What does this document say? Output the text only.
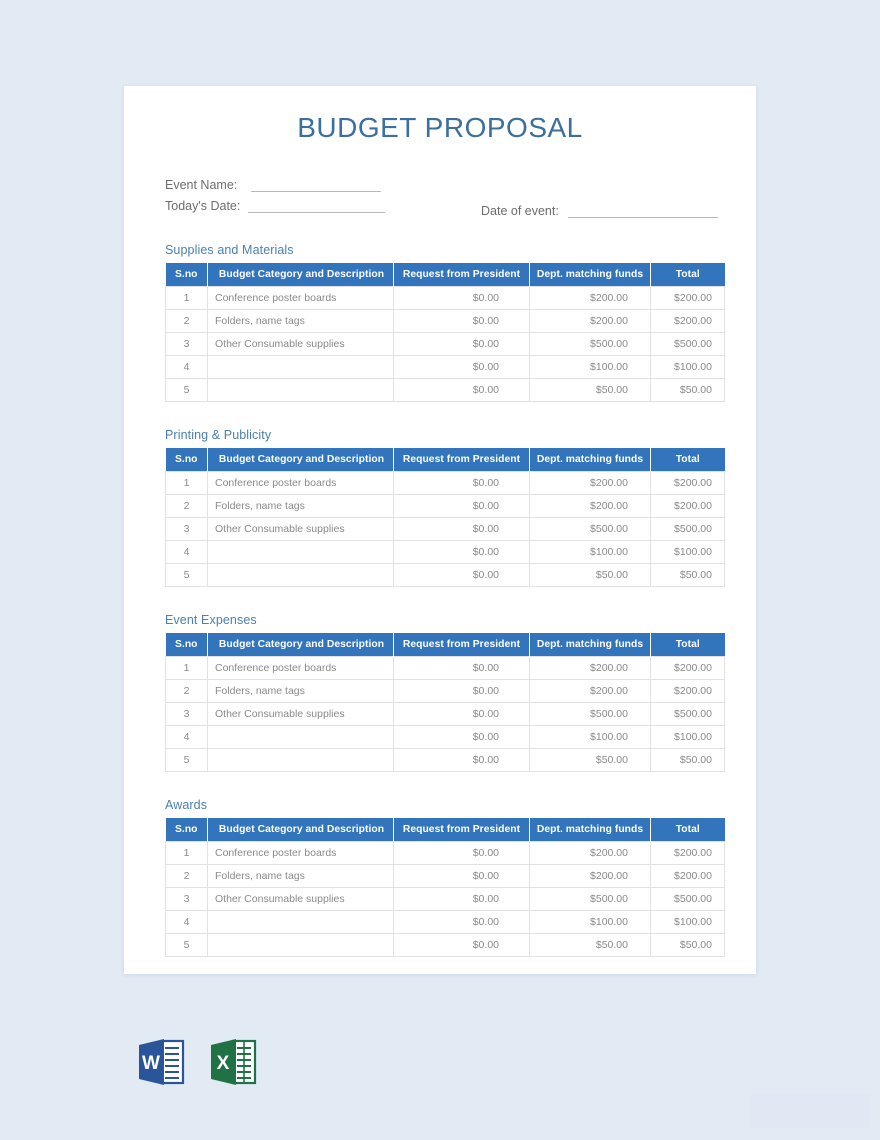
BUDGET PROPOSAL
Event Name:
Today's Date:	Date of event:
Supplies and Materials
S.no	Budget Category and Description	Request from President	Dept. matching funds	Total
1	Conference poster boards	$0.00	$200.00	$200.00
2	Folders, name tags	$0.00	$200.00	$200.00
3	Other Consumable supplies	$0.00	$500.00	$500.00
4		$0.00	$100.00	$100.00
5		$0.00	$50.00	$50.00
Printing & Publicity
S.no	Budget Category and Description	Request from President	Dept. matching funds	Total
1	Conference poster boards	$0.00	$200.00	$200.00
2	Folders, name tags	$0.00	$200.00	$200.00
3	Other Consumable supplies	$0.00	$500.00	$500.00
4		$0.00	$100.00	$100.00
5		$0.00	$50.00	$50.00
Event Expenses
S.no	Budget Category and Description	Request from President	Dept. matching funds	Total
1	Conference poster boards	$0.00	$200.00	$200.00
2	Folders, name tags	$0.00	$200.00	$200.00
3	Other Consumable supplies	$0.00	$500.00	$500.00
4		$0.00	$100.00	$100.00
5		$0.00	$50.00	$50.00
Awards
S.no	Budget Category and Description	Request from President	Dept. matching funds	Total
1	Conference poster boards	$0.00	$200.00	$200.00
2	Folders, name tags	$0.00	$200.00	$200.00
3	Other Consumable supplies	$0.00	$500.00	$500.00
4		$0.00	$100.00	$100.00
5		$0.00	$50.00	$50.00
W	X
